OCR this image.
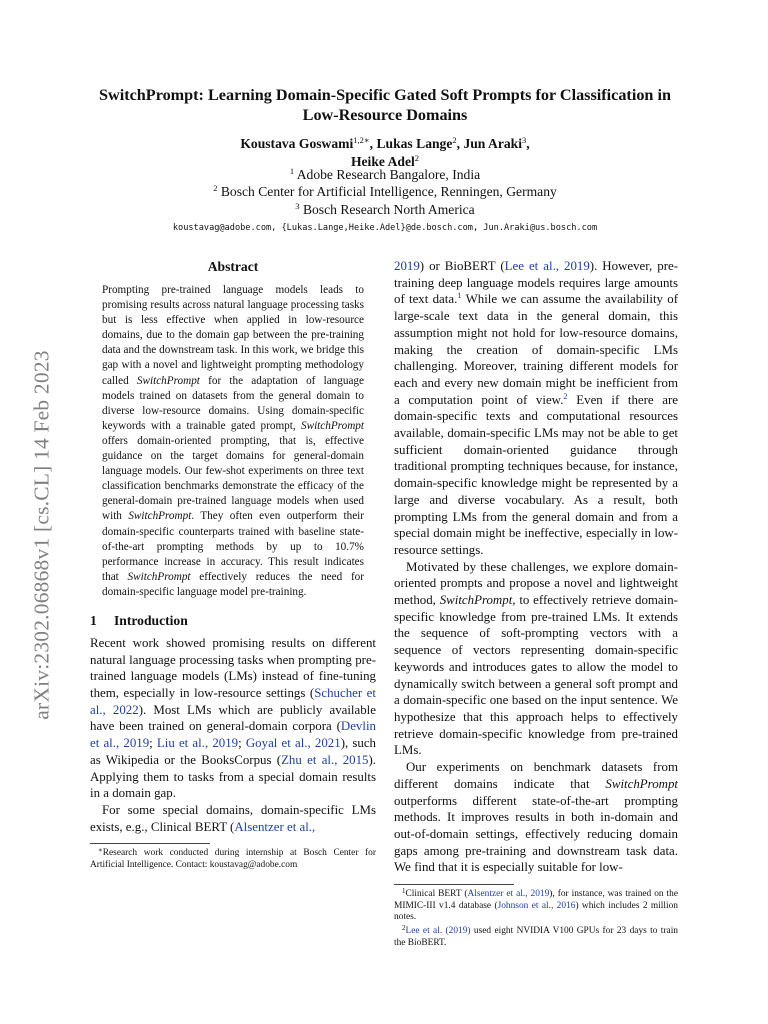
arXiv:2302.06868v1 [cs.CL] 14 Feb 2023
SwitchPrompt: Learning Domain-Specific Gated Soft Prompts for Classification in Low-Resource Domains
Koustava Goswami$^{1,2∗}$, Lukas Lange$^2$, Jun Araki$^3$,
Heike Adel$^2$
$^1$ Adobe Research Bangalore, India
$^2$ Bosch Center for Artificial Intelligence, Renningen, Germany
$^3$ Bosch Research North America
koustavag@adobe.com, {Lukas.Lange,Heike.Adel}@de.bosch.com, Jun.Araki@us.bosch.com
Abstract

Prompting pre-trained language models leads to promising results across natural language processing tasks but is less effective when applied in low-resource domains, due to the domain gap between the pre-training data and the downstream task. In this work, we bridge this gap with a novel and lightweight prompting methodology called SwitchPrompt for the adaptation of language models trained on datasets from the general domain to diverse low-resource domains. Using domain-specific keywords with a trainable gated prompt, SwitchPrompt offers domain-oriented prompting, that is, effective guidance on the target domains for general-domain language models. Our few-shot experiments on three text classification benchmarks demonstrate the efficacy of the general-domain pre-trained language models when used with SwitchPrompt. They often even outperform their domain-specific counterparts trained with baseline state-of-the-art prompting methods by up to 10.7% performance increase in accuracy. This result indicates that SwitchPrompt effectively reduces the need for domain-specific language model pre-training.

1 Introduction

Recent work showed promising results on different natural language processing tasks when prompting pre-trained language models (LMs) instead of fine-tuning them, especially in low-resource settings (Schucher et al., 2022). Most LMs which are publicly available have been trained on general-domain corpora (Devlin et al., 2019; Liu et al., 2019; Goyal et al., 2021), such as Wikipedia or the BooksCorpus (Zhu et al., 2015). Applying them to tasks from a special domain results in a domain gap.

For some special domains, domain-specific LMs exists, e.g., Clinical BERT (Alsentzer et al.,

∗Research work conducted during internship at Bosch Center for Artificial Intelligence. Contact: koustavag@adobe.com

2019) or BioBERT (Lee et al., 2019). However, pre-training deep language models requires large amounts of text data.$^1$ While we can assume the availability of large-scale text data in the general domain, this assumption might not hold for low-resource domains, making the creation of domain-specific LMs challenging. Moreover, training different models for each and every new domain might be inefficient from a computation point of view.$^2$ Even if there are domain-specific texts and computational resources available, domain-specific LMs may not be able to get sufficient domain-oriented guidance through traditional prompting techniques because, for instance, domain-specific knowledge might be represented by a large and diverse vocabulary. As a result, both prompting LMs from the general domain and from a special domain might be ineffective, especially in low-resource settings.

Motivated by these challenges, we explore domain-oriented prompts and propose a novel and lightweight method, SwitchPrompt, to effectively retrieve domain-specific knowledge from pre-trained LMs. It extends the sequence of soft-prompting vectors with a sequence of vectors representing domain-specific keywords and introduces gates to allow the model to dynamically switch between a general soft prompt and a domain-specific one based on the input sentence. We hypothesize that this approach helps to effectively retrieve domain-specific knowledge from pre-trained LMs.

Our experiments on benchmark datasets from different domains indicate that SwitchPrompt outperforms different state-of-the-art prompting methods. It improves results in both in-domain and out-of-domain settings, effectively reducing domain gaps among pre-training and downstream task data. We find that it is especially suitable for low-

$^1$Clinical BERT (Alsentzer et al., 2019), for instance, was trained on the MIMIC-III v1.4 database (Johnson et al., 2016) which includes 2 million notes.

$^2$Lee et al. (2019) used eight NVIDIA V100 GPUs for 23 days to train the BioBERT.
